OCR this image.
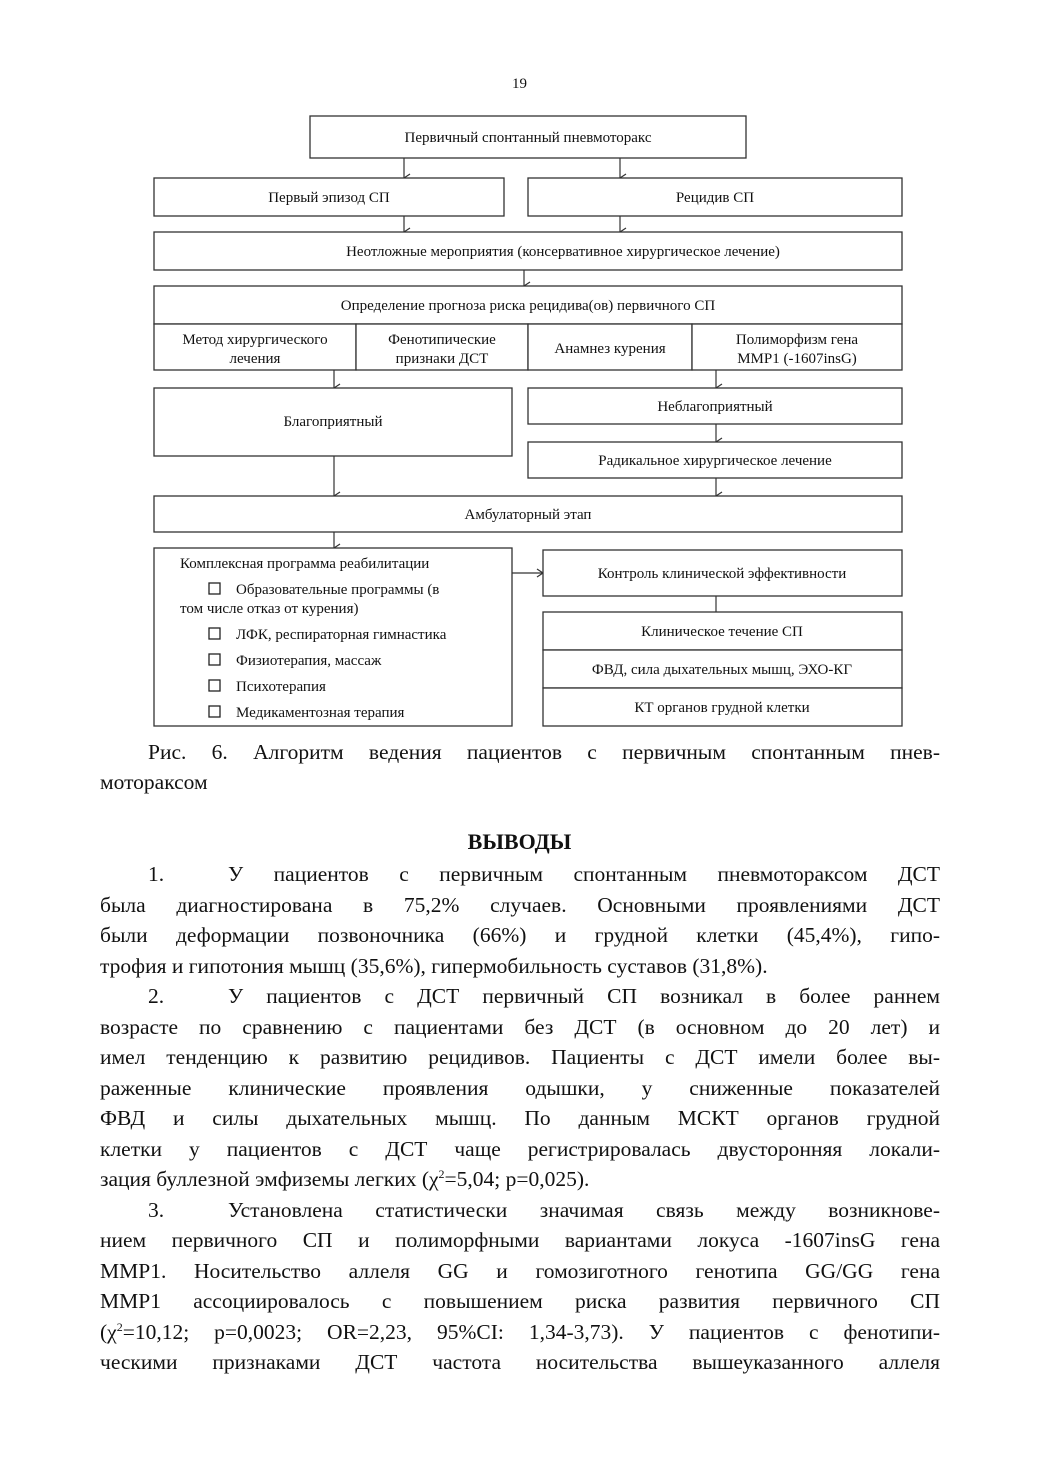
19
Первичный спонтанный пневмоторакс
Первый эпизод СП	Рецидив СП
Неотложные мероприятия (консервативное хирургическое лечение)
Определение прогноза риска рецидива(ов) первичного СП
Метод хирургического
лечения
Фенотипические
признаки ДСТ
Анамнез курения
Полиморфизм гена
MMP1 (-1607insG)
Благоприятный
Неблагоприятный
Радикальное хирургическое лечение
Амбулаторный этап
Комплексная программа реабилитации
Образовательные программы (в
том числе отказ от курения)
ЛФК, респираторная гимнастика
Физиотерапия, массаж
Психотерапия
Медикаментозная терапия
Контроль клинической эффективности
Клиническое течение СП
ФВД, сила дыхательных мышц, ЭХО-КГ
КТ органов грудной клетки
Рис. 6. Алгоритм ведения пациентов с первичным спонтанным пнев-
мотораксом
ВЫВОДЫ
1.	У пациентов с первичным спонтанным пневмотораксом ДСТ
была диагностирована в 75,2% случаев. Основными проявлениями ДСТ
были деформации позвоночника (66%) и грудной клетки (45,4%), гипо-
трофия и гипотония мышц (35,6%), гипермобильность суставов (31,8%).
2.	У пациентов с ДСТ первичный СП возникал в более раннем
возрасте по сравнению с пациентами без ДСТ (в основном до 20 лет) и
имел тенденцию к развитию рецидивов. Пациенты с ДСТ имели более вы-
раженные клинические проявления одышки, у сниженные показателей
ФВД и силы дыхательных мышц. По данным МСКТ органов грудной
клетки у пациентов с ДСТ чаще регистрировалась двусторонняя локали-
зация буллезной эмфиземы легких ($\chi^2=5,04$; p=0,025).
3.	Установлена статистически значимая связь между возникнове-
нием первичного СП и полиморфными вариантами локуса -1607insG гена
MMP1. Носительство аллеля GG и гомозиготного генотипа GG/GG гена
MMP1 ассоциировалось с повышением риска развития первичного СП
($\chi^2=10,12$; p=0,0023; OR=2,23, 95%CI: 1,34-3,73). У пациентов с фенотипи-
ческими признаками ДСТ частота носительства вышеуказанного аллеля
